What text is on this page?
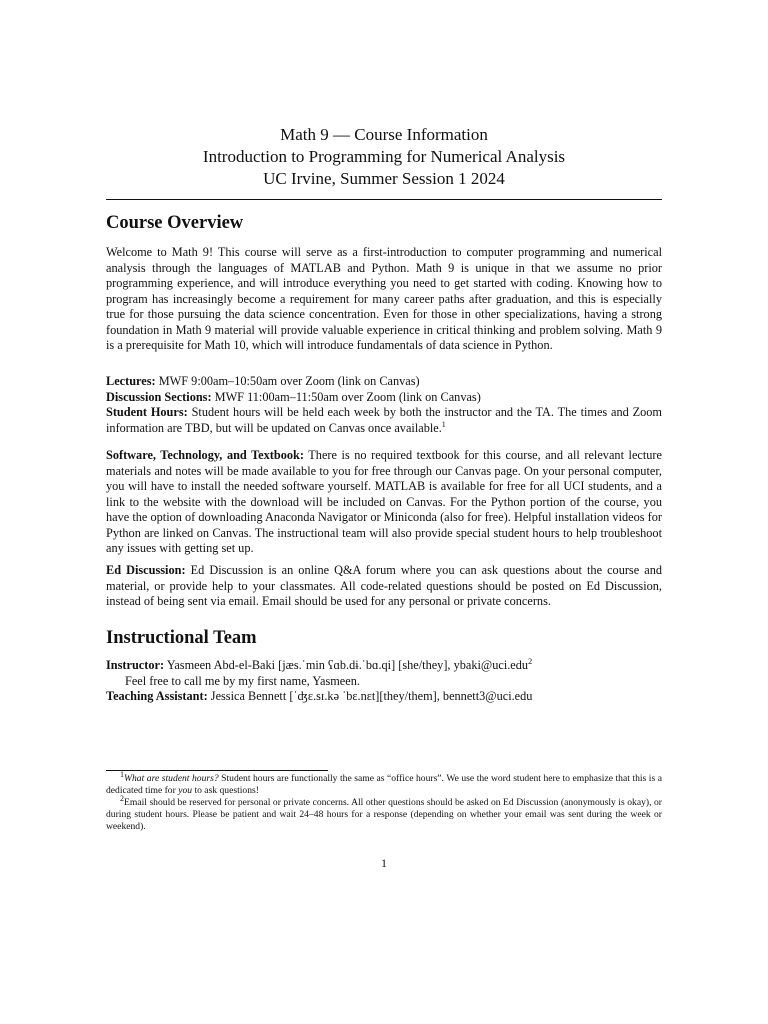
Math 9 — Course Information
Introduction to Programming for Numerical Analysis
UC Irvine, Summer Session 1 2024
Course Overview

Welcome to Math 9! This course will serve as a first-introduction to computer programming and numerical analysis through the languages of MATLAB and Python. Math 9 is unique in that we assume no prior programming experience, and will introduce everything you need to get started with coding. Knowing how to program has increasingly become a requirement for many career paths after graduation, and this is especially true for those pursuing the data science concentration. Even for those in other specializations, having a strong foundation in Math 9 material will provide valuable experience in critical thinking and problem solving. Math 9 is a prerequisite for Math 10, which will introduce fundamentals of data science in Python.

Lectures: MWF 9:00am–10:50am over Zoom (link on Canvas)
Discussion Sections: MWF 11:00am–11:50am over Zoom (link on Canvas)
Student Hours: Student hours will be held each week by both the instructor and the TA. The times and Zoom information are TBD, but will be updated on Canvas once available.$^1$

Software, Technology, and Textbook: There is no required textbook for this course, and all relevant lecture materials and notes will be made available to you for free through our Canvas page. On your personal computer, you will have to install the needed software yourself. MATLAB is available for free for all UCI students, and a link to the website with the download will be included on Canvas. For the Python portion of the course, you have the option of downloading Anaconda Navigator or Miniconda (also for free). Helpful installation videos for Python are linked on Canvas. The instructional team will also provide special student hours to help troubleshoot any issues with getting set up.

Ed Discussion: Ed Discussion is an online Q&A forum where you can ask questions about the course and material, or provide help to your classmates. All code-related questions should be posted on Ed Discussion, instead of being sent via email. Email should be used for any personal or private concerns.

Instructional Team
Instructor: Yasmeen Abd-el-Baki [jæs.ˈmin ʕɑb.dɨ.ˈbɑ.qi] [she/they], ybaki@uci.edu$^2$
Feel free to call me by my first name, Yasmeen.
Teaching Assistant: Jessica Bennett [ˈʤɛ.sɪ.kə ˈbɛ.nɛt][they/them], bennett3@uci.edu

$^1$What are student hours? Student hours are functionally the same as “office hours”. We use the word student here to emphasize that this is a dedicated time for you to ask questions!

$^2$Email should be reserved for personal or private concerns. All other questions should be asked on Ed Discussion (anonymously is okay), or during student hours. Please be patient and wait 24–48 hours for a response (depending on whether your email was sent during the week or weekend).

1
